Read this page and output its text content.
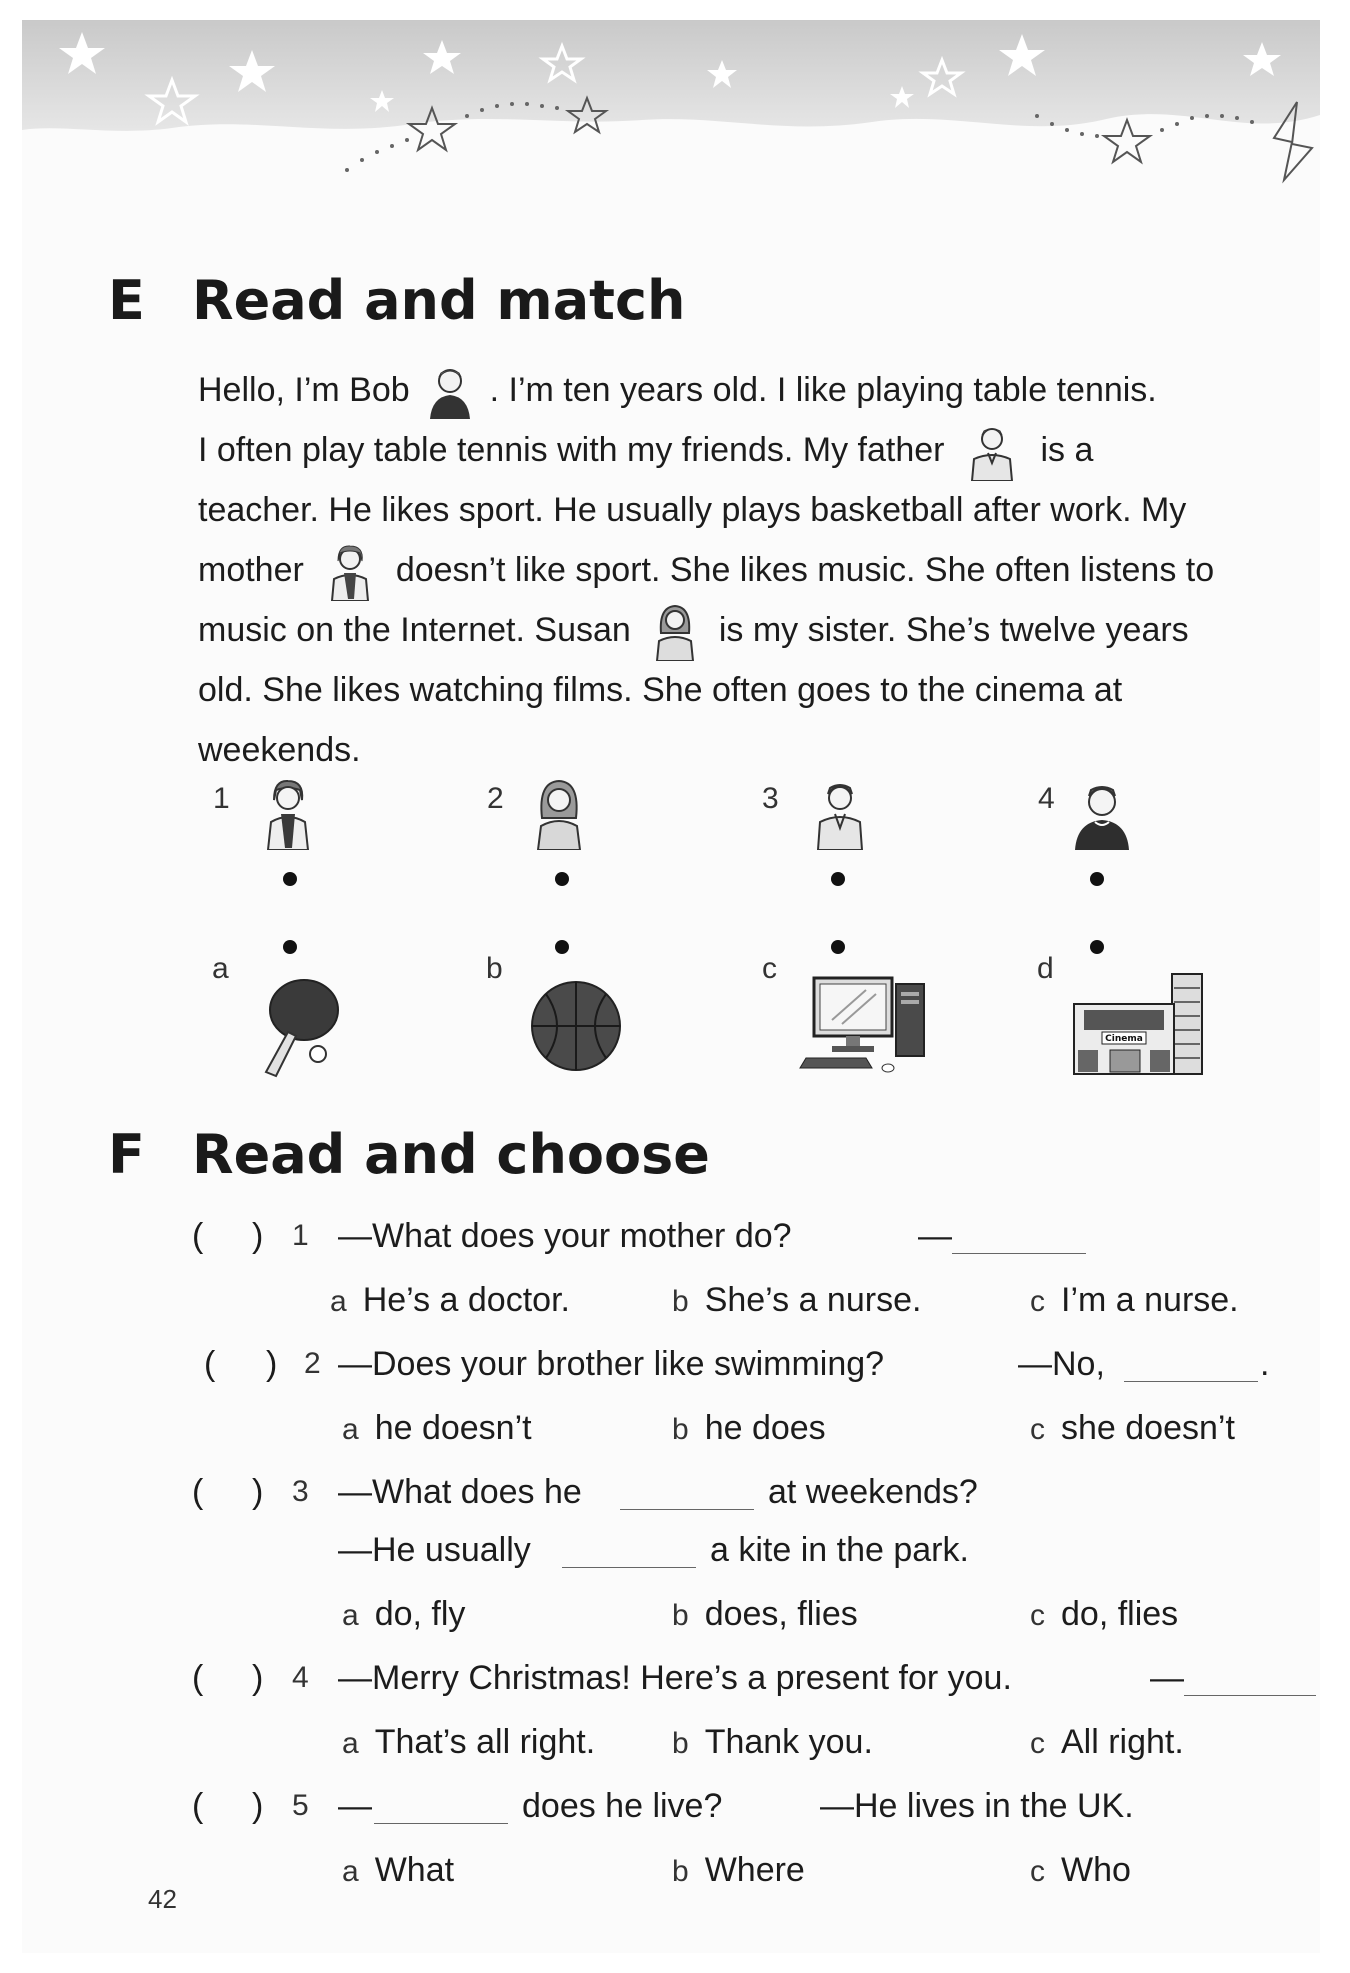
E Read and match
Hello, I’m Bob . I’m ten years old. I like playing table tennis.
I often play table tennis with my friends. My father	is a
teacher. He likes sport. He usually plays basketball after work. My
mother	doesn’t like sport. She likes music. She often listens to
music on the Internet. Susan	is my sister. She’s twelve years
old. She likes watching films. She often goes to the cinema at
weekends.
1	2	3	4
a	b	c	d
Cinema
F Read and choose
( ) 1 —What does your mother do?	—
a He’s a doctor.	b She’s a nurse.	c I’m a nurse.
( ) 2 —Does your brother like swimming?	—No,	.
a he doesn’t	b he does	c she doesn’t
( ) 3 —What does he	at weekends?
—He usually	a kite in the park.
a do, fly	b does, flies	c do, flies
( ) 4 —Merry Christmas! Here’s a present for you.	—
a That’s all right.	b Thank you.	c All right.
( ) 5 —	does he live?	—He lives in the UK.
a What	b Where	c Who
42
